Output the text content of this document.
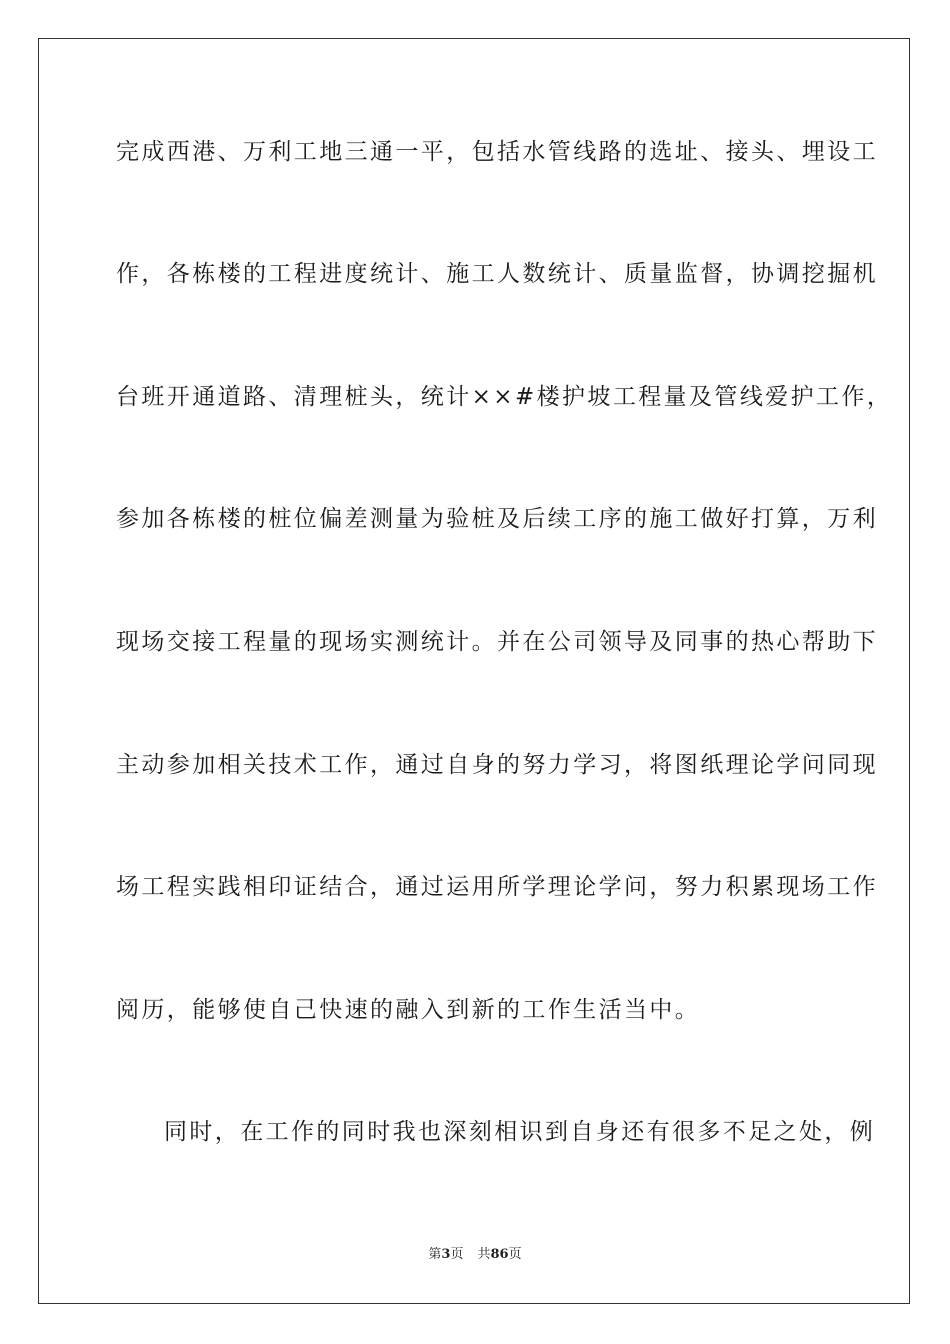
完成西港、万利工地三通一平，包括水管线路的选址、接头、埋设工
作，各栋楼的工程进度统计、施工人数统计、质量监督，协调挖掘机
台班开通道路、清理桩头，统计××#楼护坡工程量及管线爱护工作，
参加各栋楼的桩位偏差测量为验桩及后续工序的施工做好打算，万利
现场交接工程量的现场实测统计。并在公司领导及同事的热心帮助下
主动参加相关技术工作，通过自身的努力学习，将图纸理论学问同现
场工程实践相印证结合，通过运用所学理论学问，努力积累现场工作
阅历，能够使自己快速的融入到新的工作生活当中。
同时，在工作的同时我也深刻相识到自身还有很多不足之处，例
第3页 共86页
